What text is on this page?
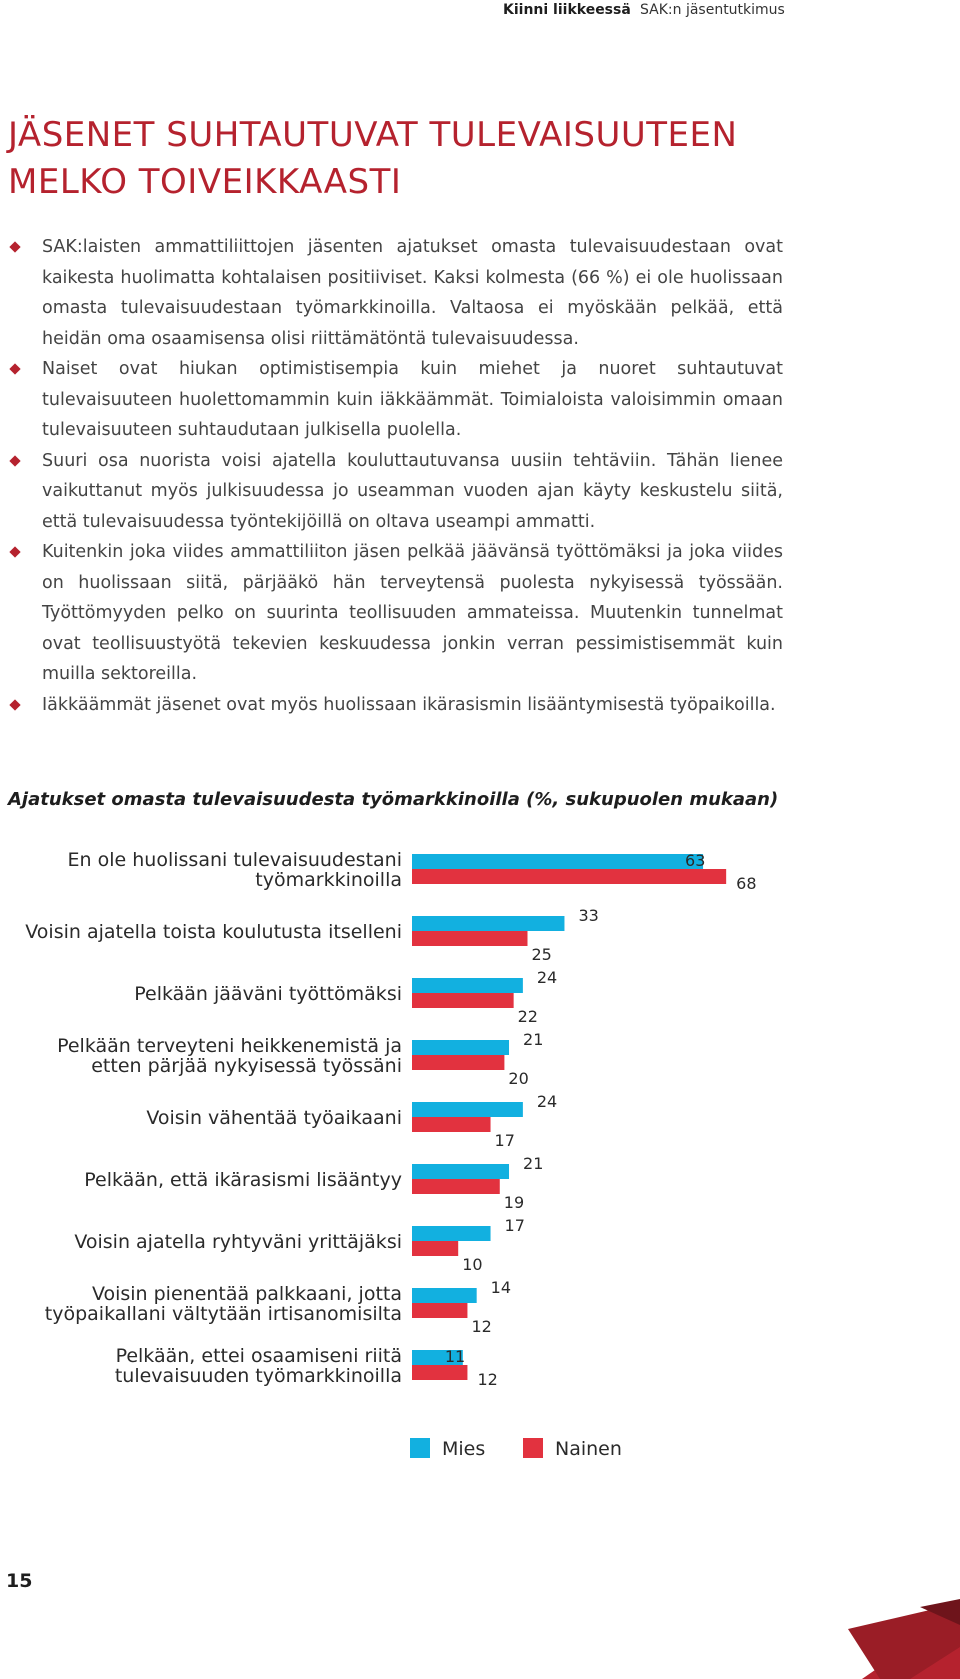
Kiinni liikkeessä SAK:n jäsentutkimus
JÄSENET SUHTAUTUVAT TULEVAISUUTEEN
MELKO TOIVEIKKAASTI
SAK:laisten ammattiliittojen jäsenten ajatukset omasta tulevaisuudestaan ovat kaikesta huolimatta kohtalaisen positiiviset. Kaksi kolmesta (66 %) ei ole huolissaan omasta tulevaisuudestaan työmarkkinoilla. Valtaosa ei myöskään pelkää, että heidän oma osaamisensa olisi riittämätöntä tulevaisuudessa.
Naiset ovat hiukan optimistisempia kuin miehet ja nuoret suhtautuvat tulevaisuuteen huolettomammin kuin iäkkäämmät. Toimialoista valoisimmin omaan tulevaisuuteen suhtaudutaan julkisella puolella.
Suuri osa nuorista voisi ajatella kouluttautuvansa uusiin tehtäviin. Tähän lienee vaikuttanut myös julkisuudessa jo useamman vuoden ajan käyty keskustelu siitä, että tulevaisuudessa työntekijöillä on oltava useampi ammatti.
Kuitenkin joka viides ammattiliiton jäsen pelkää jäävänsä työttömäksi ja joka viides on huolissaan siitä, pärjääkö hän terveytensä puolesta nykyisessä työssään. Työttömyyden pelko on suurinta teollisuuden ammateissa. Muutenkin tunnelmat ovat teollisuustyötä tekevien keskuudessa jonkin verran pessimistisemmät kuin muilla sektoreilla.
Iäkkäämmät jäsenet ovat myös huolissaan ikärasismin lisääntymisestä työpaikoilla.
Ajatukset omasta tulevaisuudesta työmarkkinoilla (%, sukupuolen mukaan)
En ole huolissani tulevaisuudestani
työmarkkinoilla
63
68
Voisin ajatella toista koulutusta itselleni
33
25
Pelkään jääväni työttömäksi
24
22
Pelkään terveyteni heikkenemistä ja
etten pärjää nykyisessä työssäni
21
20
Voisin vähentää työaikaani
24
17
Pelkään, että ikärasismi lisääntyy
21
19
Voisin ajatella ryhtyväni yrittäjäksi
17
10
Voisin pienentää palkkaani, jotta
työpaikallani vältytään irtisanomisilta
14
12
Pelkään, ettei osaamiseni riitä
tulevaisuuden työmarkkinoilla
11
12
Mies	Nainen
15
